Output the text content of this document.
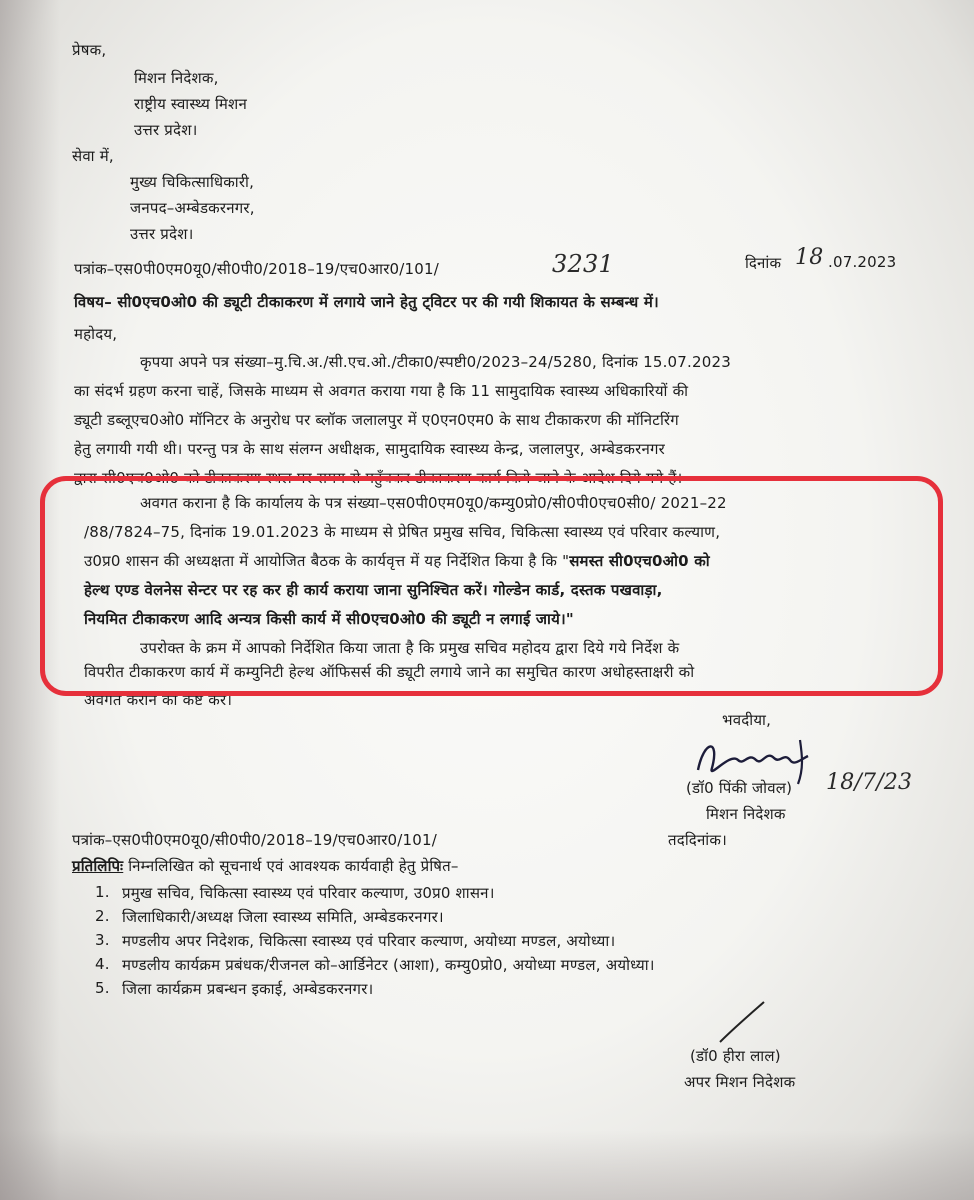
प्रेषक,
मिशन निदेशक,
राष्ट्रीय स्वास्थ्य मिशन
उत्तर प्रदेश।
सेवा में,
मुख्य चिकित्साधिकारी,
जनपद–अम्बेडकरनगर,
उत्तर प्रदेश।
पत्रांक–एस0पी0एम0यू0/सी0पी0/2018–19/एच0आर0/101/	3231	दिनांक 18 .07.2023
विषय– सी0एच0ओ0 की ड्यूटी टीकाकरण में लगाये जाने हेतु ट्विटर पर की गयी शिकायत के सम्बन्ध में।
महोदय,
कृपया अपने पत्र संख्या–मु.चि.अ./सी.एच.ओ./टीका0/स्पष्टी0/2023–24/5280, दिनांक 15.07.2023
का संदर्भ ग्रहण करना चाहें, जिसके माध्यम से अवगत कराया गया है कि 11 सामुदायिक स्वास्थ्य अधिकारियों की
ड्यूटी डब्लूएच0ओ0 मॉनिटर के अनुरोध पर ब्लॉक जलालपुर में ए0एन0एम0 के साथ टीकाकरण की मॉनिटरिंग
हेतु लगायी गयी थी। परन्तु पत्र के साथ संलग्न अधीक्षक, सामुदायिक स्वास्थ्य केन्द्र, जलालपुर, अम्बेडकरनगर
द्वारा सी0एच0ओ0 को टीकाकरण स्थल पर समय से पहुँचकर टीकाकरण कार्य किये जाने के आदेश दिये गये हैं।
अवगत कराना है कि कार्यालय के पत्र संख्या–एस0पी0एम0यू0/कम्यु0प्रो0/सी0पी0एच0सी0/ 2021–22
/88/7824–75, दिनांक 19.01.2023 के माध्यम से प्रेषित प्रमुख सचिव, चिकित्सा स्वास्थ्य एवं परिवार कल्याण,
उ0प्र0 शासन की अध्यक्षता में आयोजित बैठक के कार्यवृत्त में यह निर्देशित किया है कि "समस्त सी0एच0ओ0 को
हेल्थ एण्ड वेलनेस सेन्टर पर रह कर ही कार्य कराया जाना सुनिश्चित करें। गोल्डेन कार्ड, दस्तक पखवाड़ा,
नियमित टीकाकरण आदि अन्यत्र किसी कार्य में सी0एच0ओ0 की ड्यूटी न लगाई जाये।"
उपरोक्त के क्रम में आपको निर्देशित किया जाता है कि प्रमुख सचिव महोदय द्वारा दिये गये निर्देश के
विपरीत टीकाकरण कार्य में कम्युनिटी हेल्थ ऑफिसर्स की ड्यूटी लगाये जाने का समुचित कारण अधोहस्ताक्षरी को
भवदीया,
(डॉ0 पिंकी जोवल) 18/7/23
मिशन निदेशक
पत्रांक–एस0पी0एम0यू0/सी0पी0/2018–19/एच0आर0/101/	तददिनांक।
प्रतिलिपिः निम्नलिखित को सूचनार्थ एवं आवश्यक कार्यवाही हेतु प्रेषित–
1. प्रमुख सचिव, चिकित्सा स्वास्थ्य एवं परिवार कल्याण, उ0प्र0 शासन।
2. जिलाधिकारी/अध्यक्ष जिला स्वास्थ्य समिति, अम्बेडकरनगर।
3. मण्डलीय अपर निदेशक, चिकित्सा स्वास्थ्य एवं परिवार कल्याण, अयोध्या मण्डल, अयोध्या।
4. मण्डलीय कार्यक्रम प्रबंधक/रीजनल को–आर्डिनेटर (आशा), कम्यु0प्रो0, अयोध्या मण्डल, अयोध्या।
5. जिला कार्यक्रम प्रबन्धन इकाई, अम्बेडकरनगर।
(डॉ0 हीरा लाल)
अपर मिशन निदेशक
